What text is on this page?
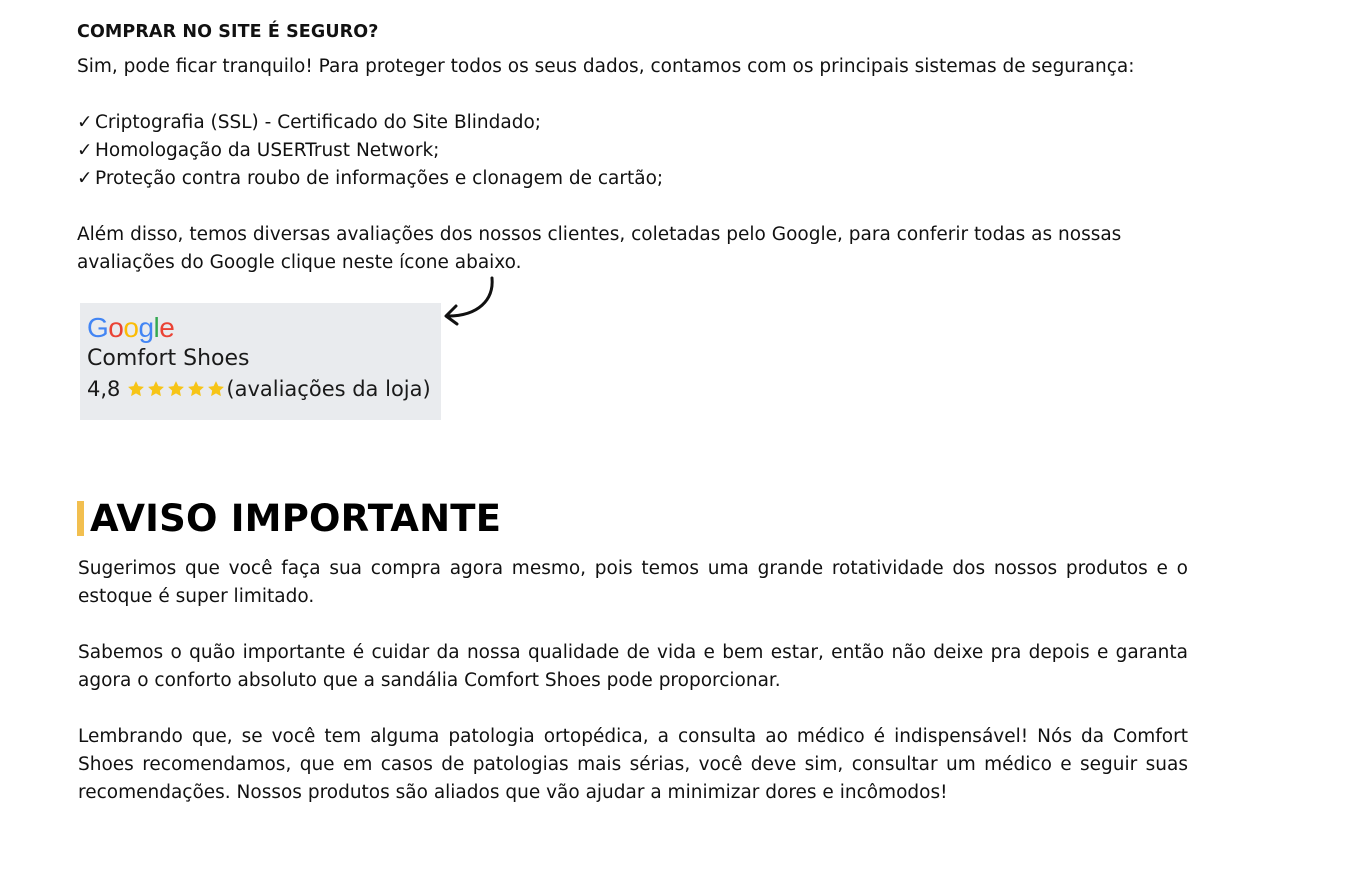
COMPRAR NO SITE É SEGURO?
Sim, pode ficar tranquilo! Para proteger todos os seus dados, contamos com os principais sistemas de segurança:
✓ Criptografia (SSL) - Certificado do Site Blindado;
✓ Homologação da USERTrust Network;
✓ Proteção contra roubo de informações e clonagem de cartão;
Além disso, temos diversas avaliações dos nossos clientes, coletadas pelo Google, para conferir todas as nossas
avaliações do Google clique neste ícone abaixo.
Google
Comfort Shoes
4,8	(avaliações da loja)
AVISO IMPORTANTE

Sugerimos que você faça sua compra agora mesmo, pois temos uma grande rotatividade dos nossos produtos e o estoque é super limitado.

Sabemos o quão importante é cuidar da nossa qualidade de vida e bem estar, então não deixe pra depois e garanta agora o conforto absoluto que a sandália Comfort Shoes pode proporcionar.

Lembrando que, se você tem alguma patologia ortopédica, a consulta ao médico é indispensável! Nós da Comfort Shoes recomendamos, que em casos de patologias mais sérias, você deve sim, consultar um médico e seguir suas recomendações. Nossos produtos são aliados que vão ajudar a minimizar dores e incômodos!
